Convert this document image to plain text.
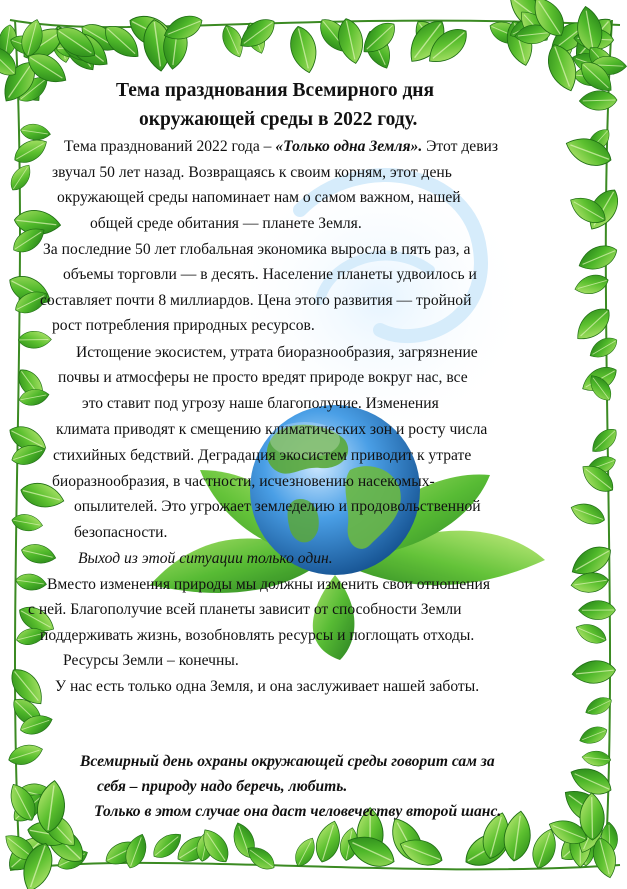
Тема празднования Всемирного дня
окружающей среды в 2022 году.
Тема празднований 2022 года – «Только одна Земля». Этот девиз
звучал 50 лет назад. Возвращаясь к своим корням, этот день
окружающей среды напоминает нам о самом важном, нашей
общей среде обитания — планете Земля.
За последние 50 лет глобальная экономика выросла в пять раз, а
объемы торговли — в десять. Население планеты удвоилось и
составляет почти 8 миллиардов. Цена этого развития — тройной
рост потребления природных ресурсов.
Истощение экосистем, утрата биоразнообразия, загрязнение
почвы и атмосферы не просто вредят природе вокруг нас, все
это ставит под угрозу наше благополучие. Изменения
климата приводят к смещению климатических зон и росту числа
стихийных бедствий. Деградация экосистем приводит к утрате
биоразнообразия, в частности, исчезновению насекомых-
опылителей. Это угрожает земледелию и продовольственной
безопасности.
Выход из этой ситуации только один.
Вместо изменения природы мы должны изменить свои отношения
с ней. Благополучие всей планеты зависит от способности Земли
поддерживать жизнь, возобновлять ресурсы и поглощать отходы.
Ресурсы Земли – конечны.
У нас есть только одна Земля, и она заслуживает нашей заботы.
Всемирный день охраны окружающей среды говорит сам за
себя – природу надо беречь, любить.
Только в этом случае она даст человечеству второй шанс.
